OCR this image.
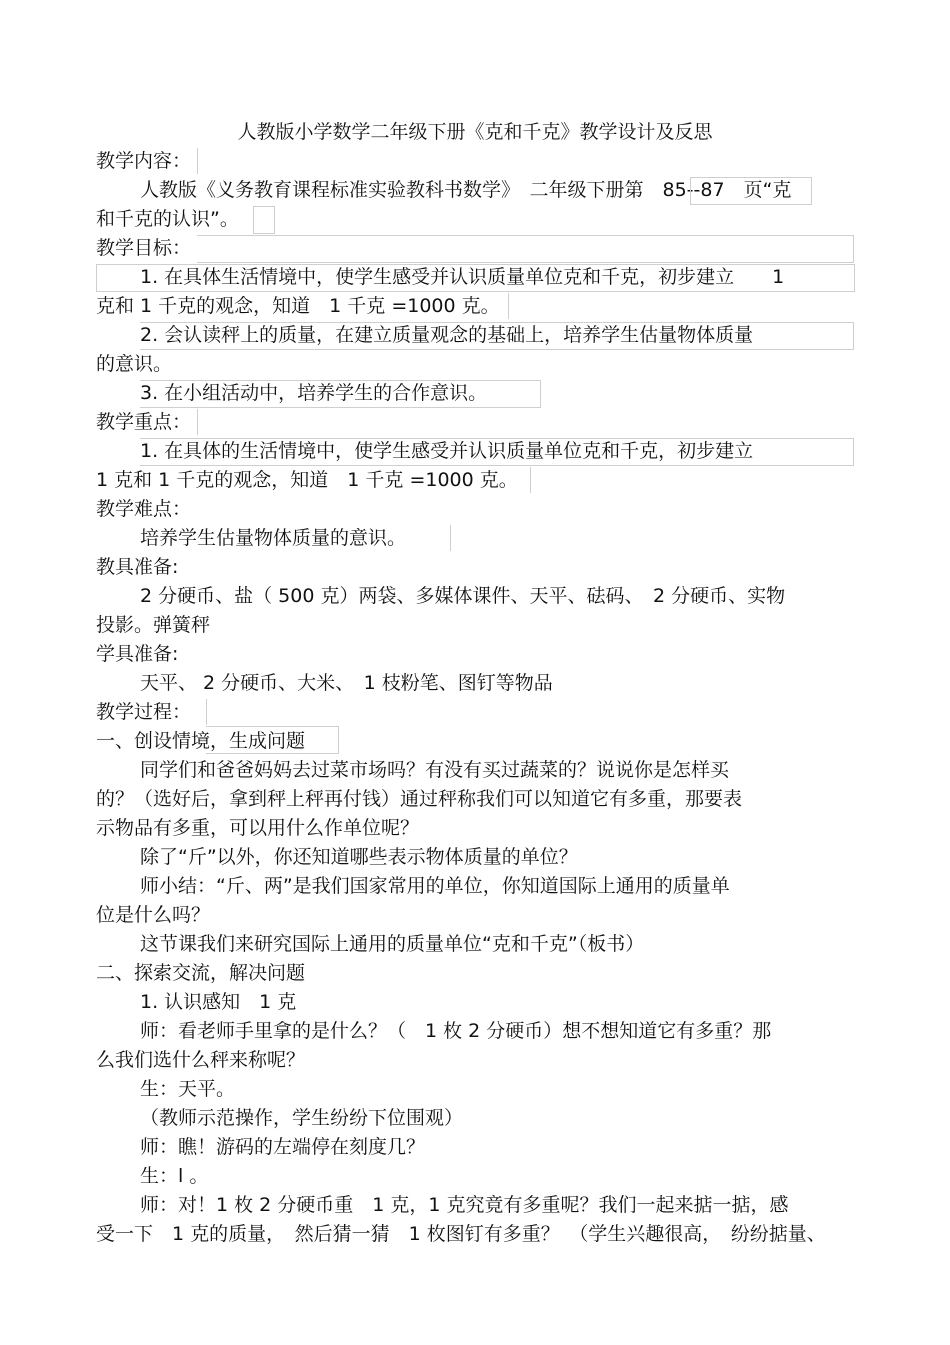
人教版小学数学二年级下册《克和千克》教学设计及反思
教学内容：
人教版《义务教育课程标准实验教科书数学》　二年级下册第　85--87　页“克
和千克的认识”。
教学目标：
1. 在具体生活情境中，使学生感受并认识质量单位克和千克，初步建立　　1
克和 1 千克的观念，知道　1 千克 =1000 克。
2. 会认读秤上的质量，在建立质量观念的基础上，培养学生估量物体质量
的意识。
3. 在小组活动中，培养学生的合作意识。
教学重点：
1. 在具体的生活情境中，使学生感受并认识质量单位克和千克，初步建立
1 克和 1 千克的观念，知道　1 千克 =1000 克。
教学难点：
培养学生估量物体质量的意识。
教具准备:
2 分硬币、盐（ 500 克）两袋、多媒体课件、天平、砝码、　2 分硬币、实物
投影。弹簧秤
学具准备:
天平、 2 分硬币、大米、　1 枝粉笔、图钉等物品
教学过程：
一、创设情境，生成问题
同学们和爸爸妈妈去过菜市场吗？有没有买过蔬菜的？说说你是怎样买
的？（选好后，拿到秤上秤再付钱）通过秤称我们可以知道它有多重，那要表
示物品有多重，可以用什么作单位呢？
除了“斤”以外，你还知道哪些表示物体质量的单位？
师小结：“斤、两”是我们国家常用的单位，你知道国际上通用的质量单
位是什么吗？
这节课我们来研究国际上通用的质量单位“克和千克”（板书）
二、探索交流，解决问题
1. 认识感知　1 克
师：看老师手里拿的是什么？（　1 枚 2 分硬币）想不想知道它有多重？那
么我们选什么秤来称呢？
生：天平。
（教师示范操作，学生纷纷下位围观）
师：瞧！游码的左端停在刻度几？
生：l 。
师：对！1 枚 2 分硬币重　1 克，1 克究竟有多重呢？我们一起来掂一掂，感
受一下　1 克的质量，　然后猜一猜　1 枚图钉有多重？　（学生兴趣很高，　纷纷掂量、
